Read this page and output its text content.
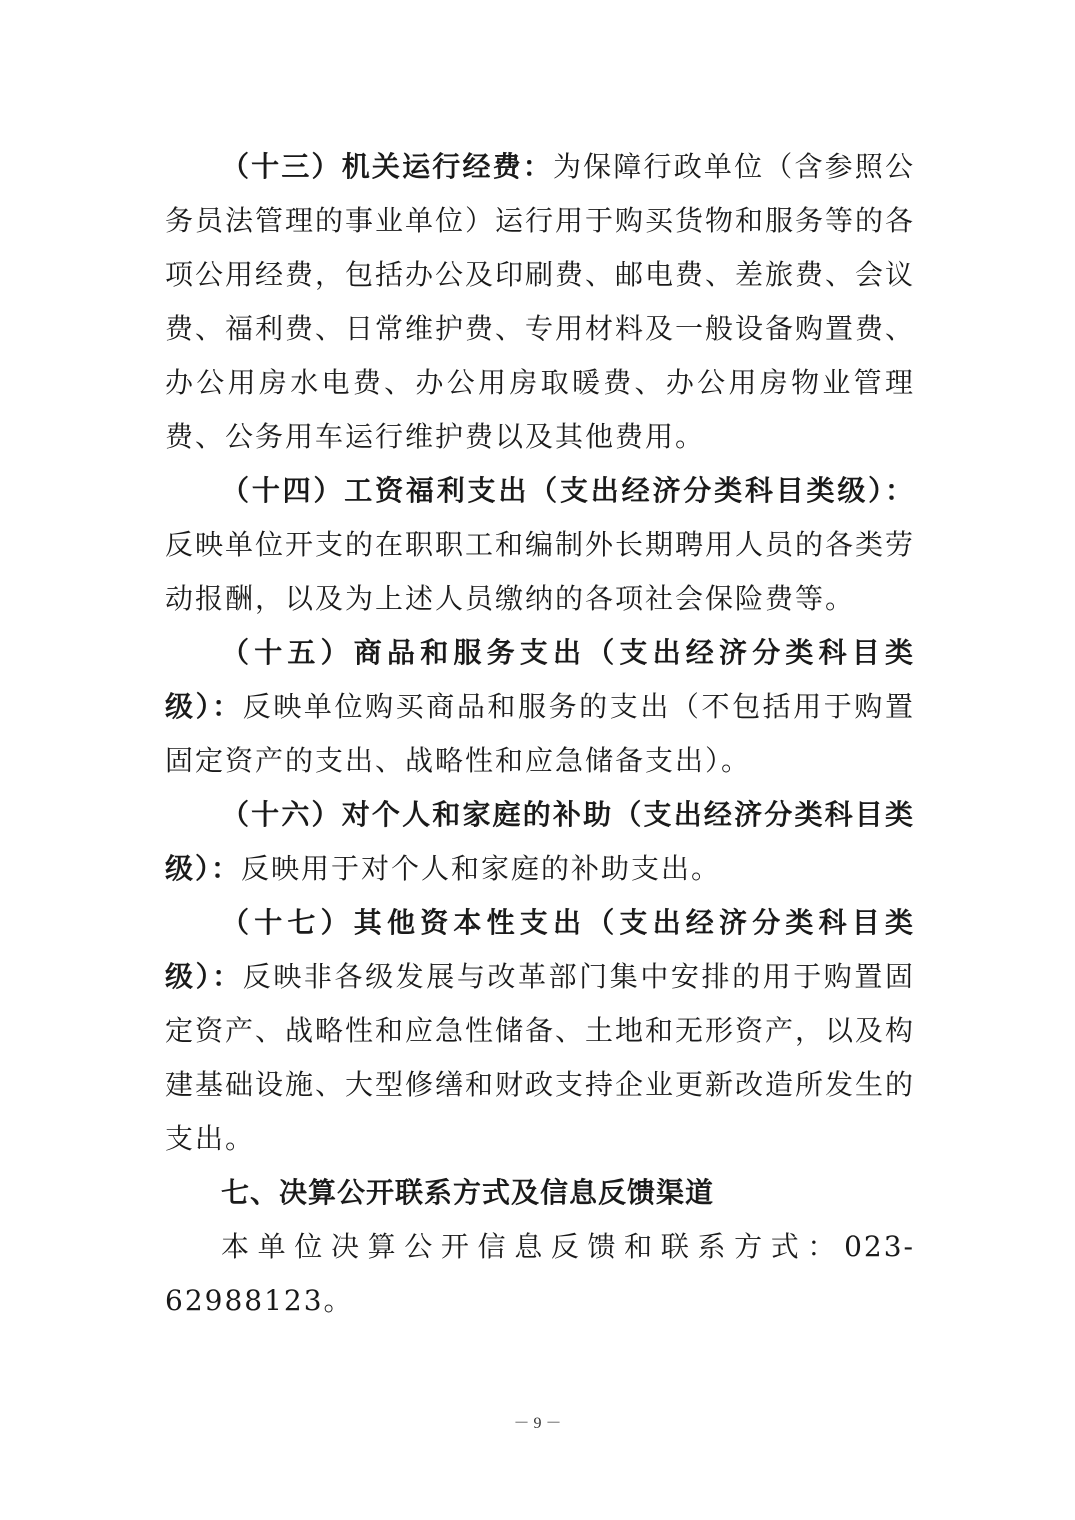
（十三）机关运行经费：为保障行政单位（含参照公务员法管理的事业单位）运行用于购买货物和服务等的各项公用经费，包括办公及印刷费、邮电费、差旅费、会议费、福利费、日常维护费、专用材料及一般设备购置费、办公用房水电费、办公用房取暖费、办公用房物业管理费、公务用车运行维护费以及其他费用。

（十四）工资福利支出（支出经济分类科目类级）：反映单位开支的在职职工和编制外长期聘用人员的各类劳动报酬，以及为上述人员缴纳的各项社会保险费等。

（十五）商品和服务支出（支出经济分类科目类级）：反映单位购买商品和服务的支出（不包括用于购置固定资产的支出、战略性和应急储备支出）。

（十六）对个人和家庭的补助（支出经济分类科目类级）：反映用于对个人和家庭的补助支出。

（十七）其他资本性支出（支出经济分类科目类级）：反映非各级发展与改革部门集中安排的用于购置固定资产、战略性和应急性储备、土地和无形资产，以及构建基础设施、大型修缮和财政支持企业更新改造所发生的支出。

七、决算公开联系方式及信息反馈渠道

本单位决算公开信息反馈和联系方式：023-62988123。

－ 9 －
